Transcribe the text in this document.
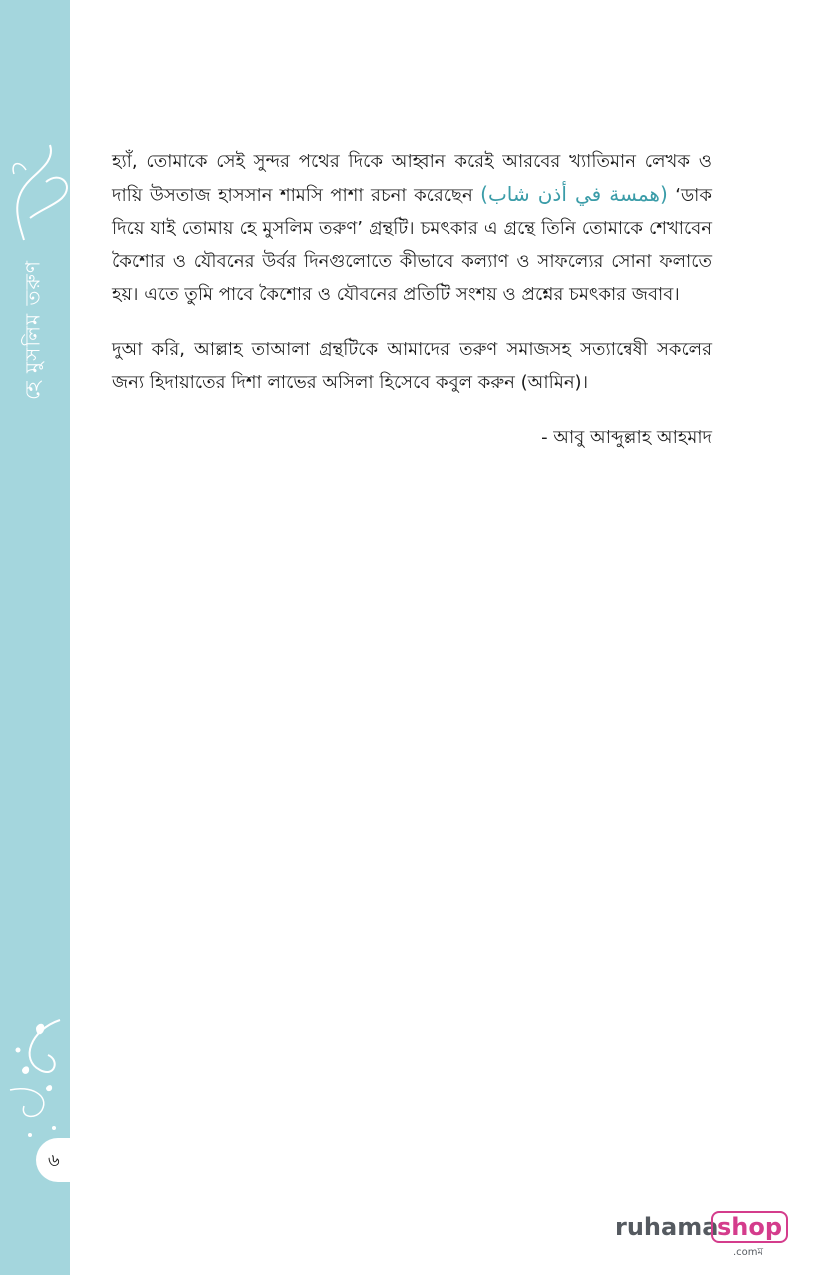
হে মুসলিম তরুণ
৬

হ্যাঁ, তোমাকে সেই সুন্দর পথের দিকে আহ্বান করেই আরবের খ্যাতিমান লেখক ও দায়ি উসতাজ হাসসান শামসি পাশা রচনা করেছেন (همسة في أذن شاب) ‘ডাক দিয়ে যাই তোমায় হে মুসলিম তরুণ’ গ্রন্থটি। চমৎকার এ গ্রন্থে তিনি তোমাকে শেখাবেন কৈশোর ও যৌবনের উর্বর দিনগুলোতে কীভাবে কল্যাণ ও সাফল্যের সোনা ফলাতে হয়। এতে তুমি পাবে কৈশোর ও যৌবনের প্রতিটি সংশয় ও প্রশ্নের চমৎকার জবাব।

দুআ করি, আল্লাহ তাআলা গ্রন্থটিকে আমাদের তরুণ সমাজসহ সত্যান্বেষী সকলের জন্য হিদায়াতের দিশা লাভের অসিলা হিসেবে কবুল করুন (আমিন)।

- আবু আব্দুল্লাহ আহমাদ
ruhama
shop
.comম
